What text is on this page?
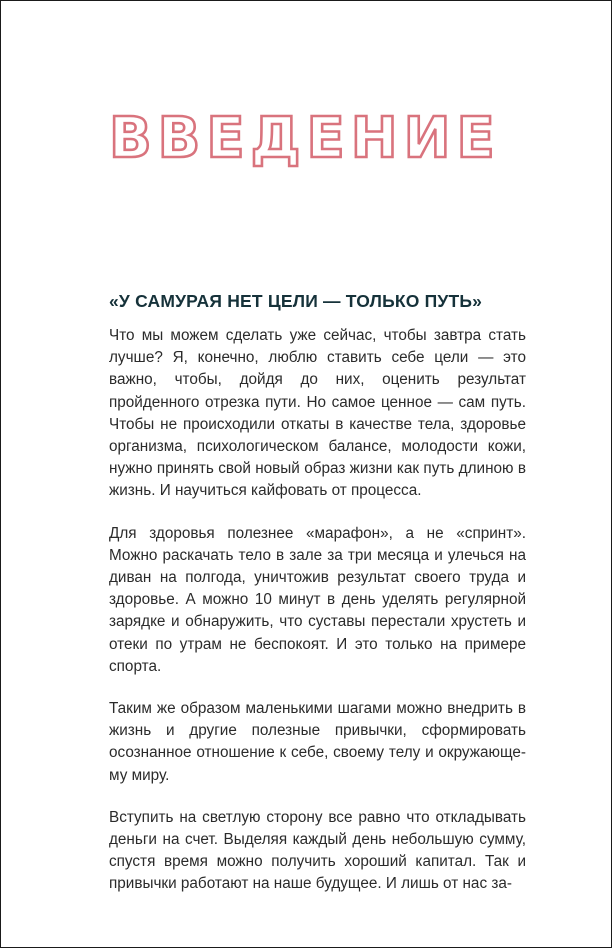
ВВЕДЕНИЕ
«У САМУРАЯ НЕТ ЦЕЛИ — ТОЛЬКО ПУТЬ»

Что мы можем сделать уже сейчас, чтобы завтра стать лучше? Я, конечно, люблю ставить себе цели — это важно, чтобы, дойдя до них, оценить результат пройденного отрезка пути. Но самое ценное — сам путь. Чтобы не происходили откаты в качестве тела, здоровье организма, психологическом балансе, молодости кожи, нужно принять свой новый образ жизни как путь длиною в жизнь. И научиться кайфовать от процесса.

Для здоровья полезнее «марафон», а не «спринт». Можно раскачать тело в зале за три месяца и улечься на диван на полгода, уничтожив результат своего труда и здоровье. А можно 10 минут в день уделять регулярной зарядке и обнаружить, что суставы перестали хрустеть и отеки по утрам не беспокоят. И это только на примере спорта.

Таким же образом маленькими шагами можно внедрить в жизнь и другие полезные привычки, сформировать осознанное отношение к себе, своему телу и окружающему миру.

Вступить на светлую сторону все равно что откладывать деньги на счет. Выделяя каждый день небольшую сумму, спустя время можно получить хороший капитал. Так и привычки работают на наше будущее. И лишь от нас за-
